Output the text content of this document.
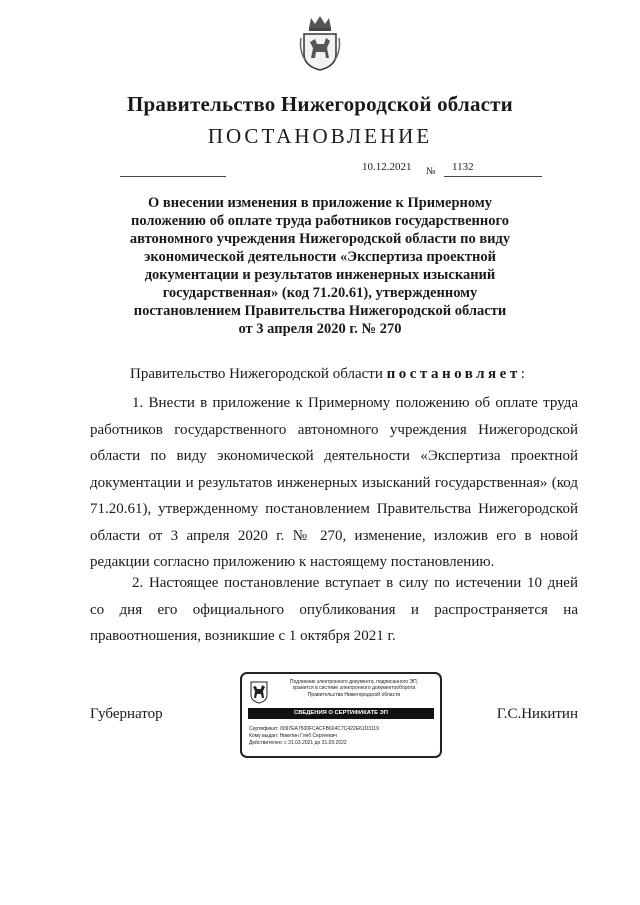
Правительство Нижегородской области
ПОСТАНОВЛЕНИЕ
10.12.2021 № 1132
О внесении изменения в приложение к Примерному
положению об оплате труда работников государственного
автономного учреждения Нижегородской области по виду
экономической деятельности «Экспертиза проектной
документации и результатов инженерных изысканий
государственная» (код 71.20.61), утвержденному
постановлением Правительства Нижегородской области
от 3 апреля 2020 г. № 270
Правительство Нижегородской области постановляет:

1. Внести в приложение к Примерному положению об оплате труда работников государственного автономного учреждения Нижегородской области по виду экономической деятельности «Экспертиза проектной документации и результатов инженерных изысканий государственная» (код 71.20.61), утвержденному постановлением Правительства Нижегородской области от 3 апреля 2020 г. № 270, изменение, изложив его в новой редакции согласно приложению к настоящему постановлению.

2. Настоящее постановление вступает в силу по истечении 10 дней со дня его официального опубликования и распространяется на правоотношения, возникшие с 1 октября 2021 г.

Губернатор	Г.С.Никитин
Подлинник электронного документа, подписанного ЭП,
хранится в системе электронного документооборота
Правительства Нижегородской области
СВЕДЕНИЯ О СЕРТИФИКАТЕ ЭП
Сертификат: 0097EA7500FCACFB604C7C422E61D3119
Кому выдан: Никитин Глеб Сергеевич
Действителен: с 31.03.2021 до 31.03.2022
